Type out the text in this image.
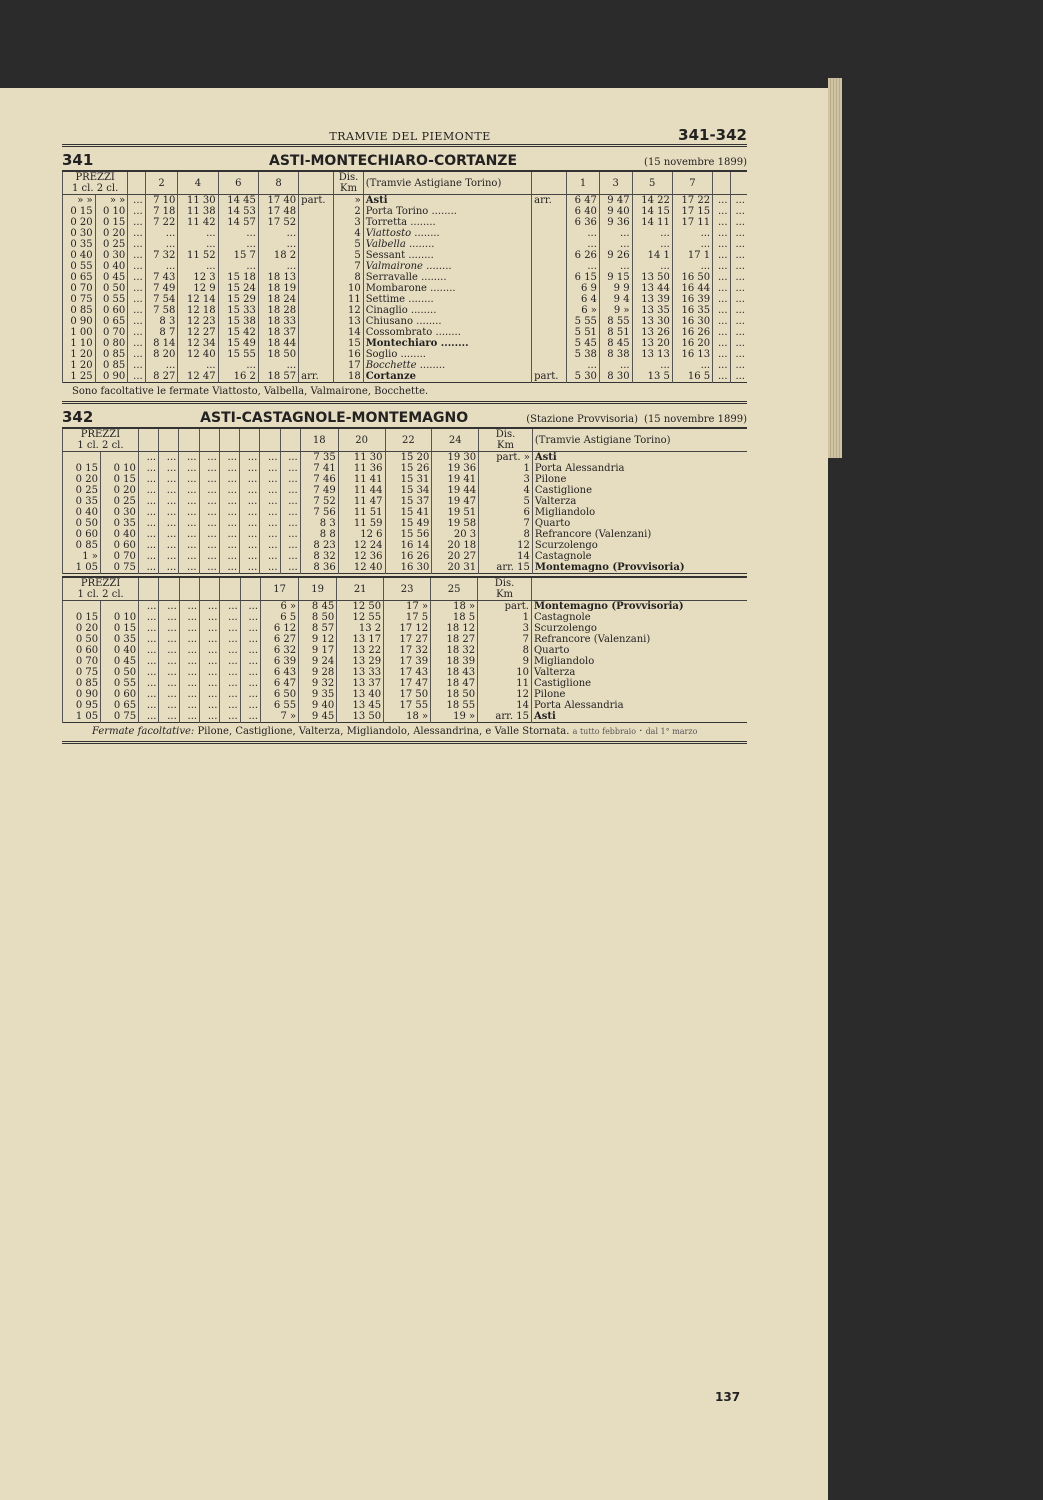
TRAMVIE DEL PIEMONTE	341-342
341	ASTI-MONTECHIARO-CORTANZE	(15 novembre 1899)
PREZZI
1 cl. 2 cl.			2	4	6	8		Dis.
Km	(Tramvie Astigiane Torino)		1	3	5	7		
» »	» »	...	7 10	11 30	14 45	17 40	part.	»	Asti	arr.	6 47	9 47	14 22	17 22	...	...
0 15	0 10	...	7 18	11 38	14 53	17 48		2	Porta Torino ........		6 40	9 40	14 15	17 15	...	...
0 20	0 15	...	7 22	11 42	14 57	17 52		3	Torretta ........		6 36	9 36	14 11	17 11	...	...
0 30	0 20	...	...	...	...	...		4	Viattosto ........		...	...	...	...	...	...
0 35	0 25	...	...	...	...	...		5	Valbella ........		...	...	...	...	...	...
0 40	0 30	...	7 32	11 52	15 7	18 2		5	Sessant ........		6 26	9 26	14 1	17 1	...	...
0 55	0 40	...	...	...	...	...		7	Valmairone ........		...	...	...	...	...	...
0 65	0 45	...	7 43	12 3	15 18	18 13		8	Serravalle ........		6 15	9 15	13 50	16 50	...	...
0 70	0 50	...	7 49	12 9	15 24	18 19		10	Mombarone ........		6 9	9 9	13 44	16 44	...	...
0 75	0 55	...	7 54	12 14	15 29	18 24		11	Settime ........		6 4	9 4	13 39	16 39	...	...
0 85	0 60	...	7 58	12 18	15 33	18 28		12	Cinaglio ........		6 »	9 »	13 35	16 35	...	...
0 90	0 65	...	8 3	12 23	15 38	18 33		13	Chiusano ........		5 55	8 55	13 30	16 30	...	...
1 00	0 70	...	8 7	12 27	15 42	18 37		14	Cossombrato ........		5 51	8 51	13 26	16 26	...	...
1 10	0 80	...	8 14	12 34	15 49	18 44		15	Montechiaro ........		5 45	8 45	13 20	16 20	...	...
1 20	0 85	...	8 20	12 40	15 55	18 50		16	Soglio ........		5 38	8 38	13 13	16 13	...	...
1 20	0 85	...	...	...	...	...		17	Bocchette ........		...	...	...	...	...	...
1 25	0 90	...	8 27	12 47	16 2	18 57	arr.	18	Cortanze	part.	5 30	8 30	13 5	16 5	...	...
Sono facoltative le fermate Viattosto, Valbella, Valmairone, Bocchette.
342	ASTI-CASTAGNOLE-MONTEMAGNO	(Stazione Provvisoria) (15 novembre 1899)
PREZZI
1 cl. 2 cl.										18	20	22	24	Dis.
Km	(Tramvie Astigiane Torino)
		...	...	...	...	...	...	...	...	7 35	11 30	15 20	19 30	part. »	Asti
0 15	0 10	...	...	...	...	...	...	...	...	7 41	11 36	15 26	19 36	1	Porta Alessandria
0 20	0 15	...	...	...	...	...	...	...	...	7 46	11 41	15 31	19 41	3	Pilone
0 25	0 20	...	...	...	...	...	...	...	...	7 49	11 44	15 34	19 44	4	Castiglione
0 35	0 25	...	...	...	...	...	...	...	...	7 52	11 47	15 37	19 47	5	Valterza
0 40	0 30	...	...	...	...	...	...	...	...	7 56	11 51	15 41	19 51	6	Migliandolo
0 50	0 35	...	...	...	...	...	...	...	...	8 3	11 59	15 49	19 58	7	Quarto
0 60	0 40	...	...	...	...	...	...	...	...	8 8	12 6	15 56	20 3	8	Refrancore (Valenzani)
0 85	0 60	...	...	...	...	...	...	...	...	8 23	12 24	16 14	20 18	12	Scurzolengo
1 »	0 70	...	...	...	...	...	...	...	...	8 32	12 36	16 26	20 27	14	Castagnole
1 05	0 75	...	...	...	...	...	...	...	...	8 36	12 40	16 30	20 31	arr. 15	Montemagno (Provvisoria)
PREZZI
1 cl. 2 cl.								17	19	21	23	25	Dis.
Km	
		...	...	...	...	...	...	6 »	8 45	12 50	17 »	18 »	part.	Montemagno (Provvisoria)
0 15	0 10	...	...	...	...	...	...	6 5	8 50	12 55	17 5	18 5	1	Castagnole
0 20	0 15	...	...	...	...	...	...	6 12	8 57	13 2	17 12	18 12	3	Scurzolengo
0 50	0 35	...	...	...	...	...	...	6 27	9 12	13 17	17 27	18 27	7	Refrancore (Valenzani)
0 60	0 40	...	...	...	...	...	...	6 32	9 17	13 22	17 32	18 32	8	Quarto
0 70	0 45	...	...	...	...	...	...	6 39	9 24	13 29	17 39	18 39	9	Migliandolo
0 75	0 50	...	...	...	...	...	...	6 43	9 28	13 33	17 43	18 43	10	Valterza
0 85	0 55	...	...	...	...	...	...	6 47	9 32	13 37	17 47	18 47	11	Castiglione
0 90	0 60	...	...	...	...	...	...	6 50	9 35	13 40	17 50	18 50	12	Pilone
0 95	0 65	...	...	...	...	...	...	6 55	9 40	13 45	17 55	18 55	14	Porta Alessandria
1 05	0 75	...	...	...	...	...	...	7 »	9 45	13 50	18 »	19 »	arr. 15	Asti
Fermate facoltative: Pilone, Castiglione, Valterza, Migliandolo, Alessandrina, e Valle Stornata. a tutto febbraio · dal 1° marzo
137
